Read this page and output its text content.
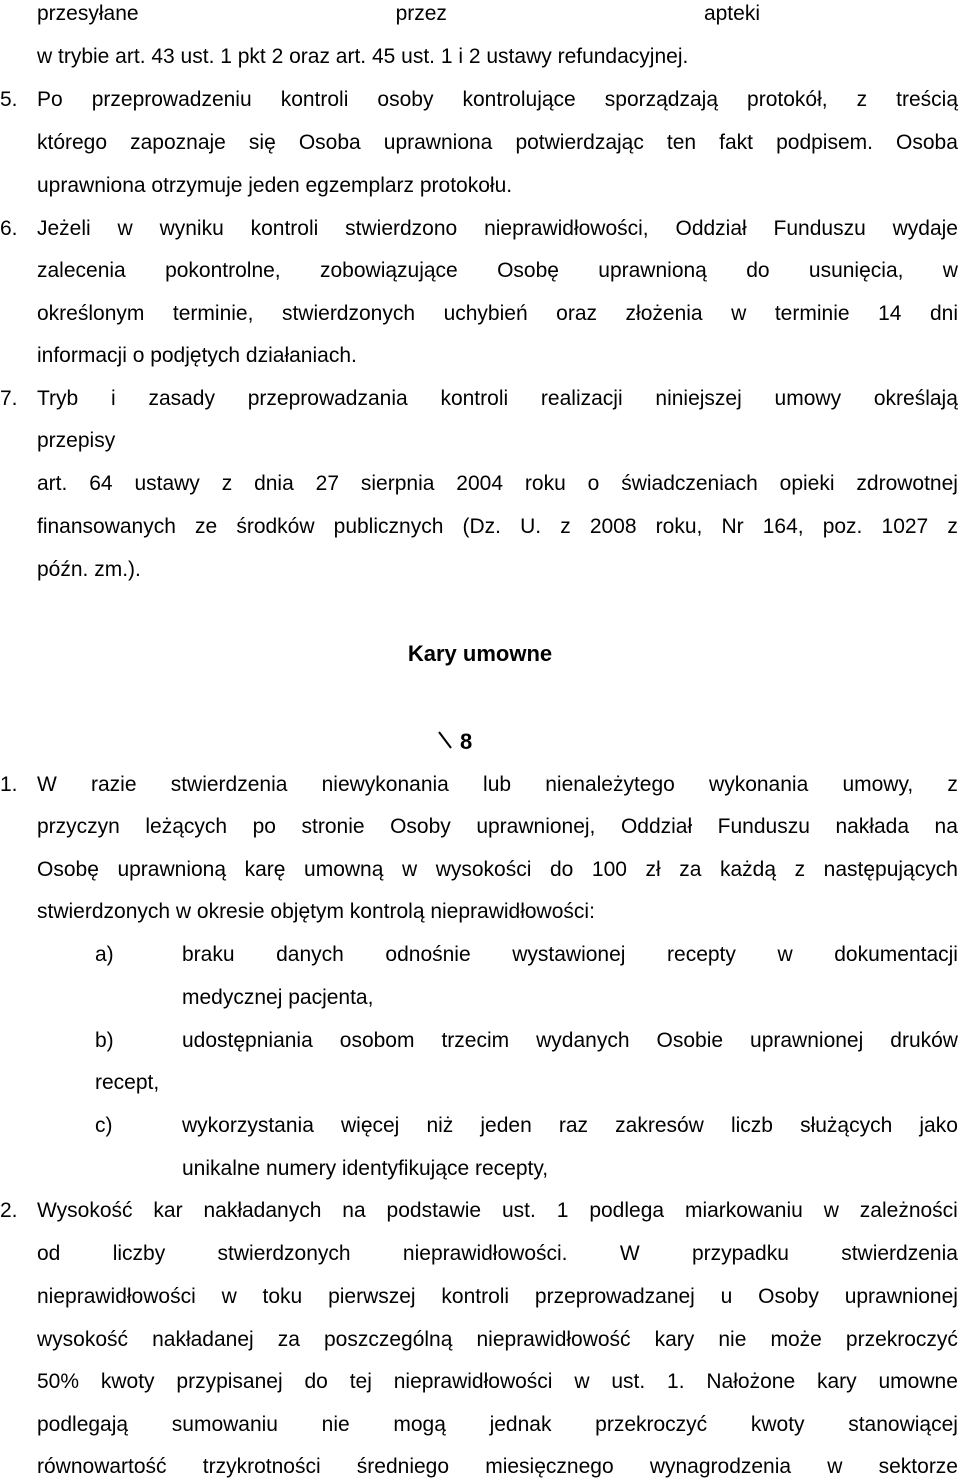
przesyłane	przez	apteki
w trybie art. 43 ust. 1 pkt 2 oraz art. 45 ust. 1 i 2 ustawy refundacyjnej.
5. Po przeprowadzeniu kontroli osoby kontrolujące sporządzają protokół, z treścią
którego zapoznaje się Osoba uprawniona potwierdzając ten fakt podpisem. Osoba
uprawniona otrzymuje jeden egzemplarz protokołu.
6. Jeżeli w wyniku kontroli stwierdzono nieprawidłowości, Oddział Funduszu wydaje
zalecenia pokontrolne, zobowiązujące Osobę uprawnioną do usunięcia, w
określonym terminie, stwierdzonych uchybień oraz złożenia w terminie 14 dni
informacji o podjętych działaniach.
7. Tryb i zasady przeprowadzania kontroli realizacji niniejszej umowy określają
przepisy
art. 64 ustawy z dnia 27 sierpnia 2004 roku o świadczeniach opieki zdrowotnej
finansowanych ze środków publicznych (Dz. U. z 2008 roku, Nr 164, poz. 1027 z
późn. zm.).
Kary umowne
8
1. W razie stwierdzenia niewykonania lub nienależytego wykonania umowy, z
przyczyn leżących po stronie Osoby uprawnionej, Oddział Funduszu nakłada na
Osobę uprawnioną karę umowną w wysokości do 100 zł za każdą z następujących
stwierdzonych w okresie objętym kontrolą nieprawidłowości:
a)	braku danych odnośnie wystawionej recepty w dokumentacji
medycznej pacjenta,
b)	udostępniania osobom trzecim wydanych Osobie uprawnionej druków
recept,
c)	wykorzystania więcej niż jeden raz zakresów liczb służących jako
unikalne numery identyfikujące recepty,
2. Wysokość kar nakładanych na podstawie ust. 1 podlega miarkowaniu w zależności
od liczby stwierdzonych nieprawidłowości. W przypadku stwierdzenia
nieprawidłowości w toku pierwszej kontroli przeprowadzanej u Osoby uprawnionej
wysokość nakładanej za poszczególną nieprawidłowość kary nie może przekroczyć
50% kwoty przypisanej do tej nieprawidłowości w ust. 1. Nałożone kary umowne
podlegają sumowaniu nie mogą jednak przekroczyć kwoty stanowiącej
równowartość trzykrotności średniego miesięcznego wynagrodzenia w sektorze
